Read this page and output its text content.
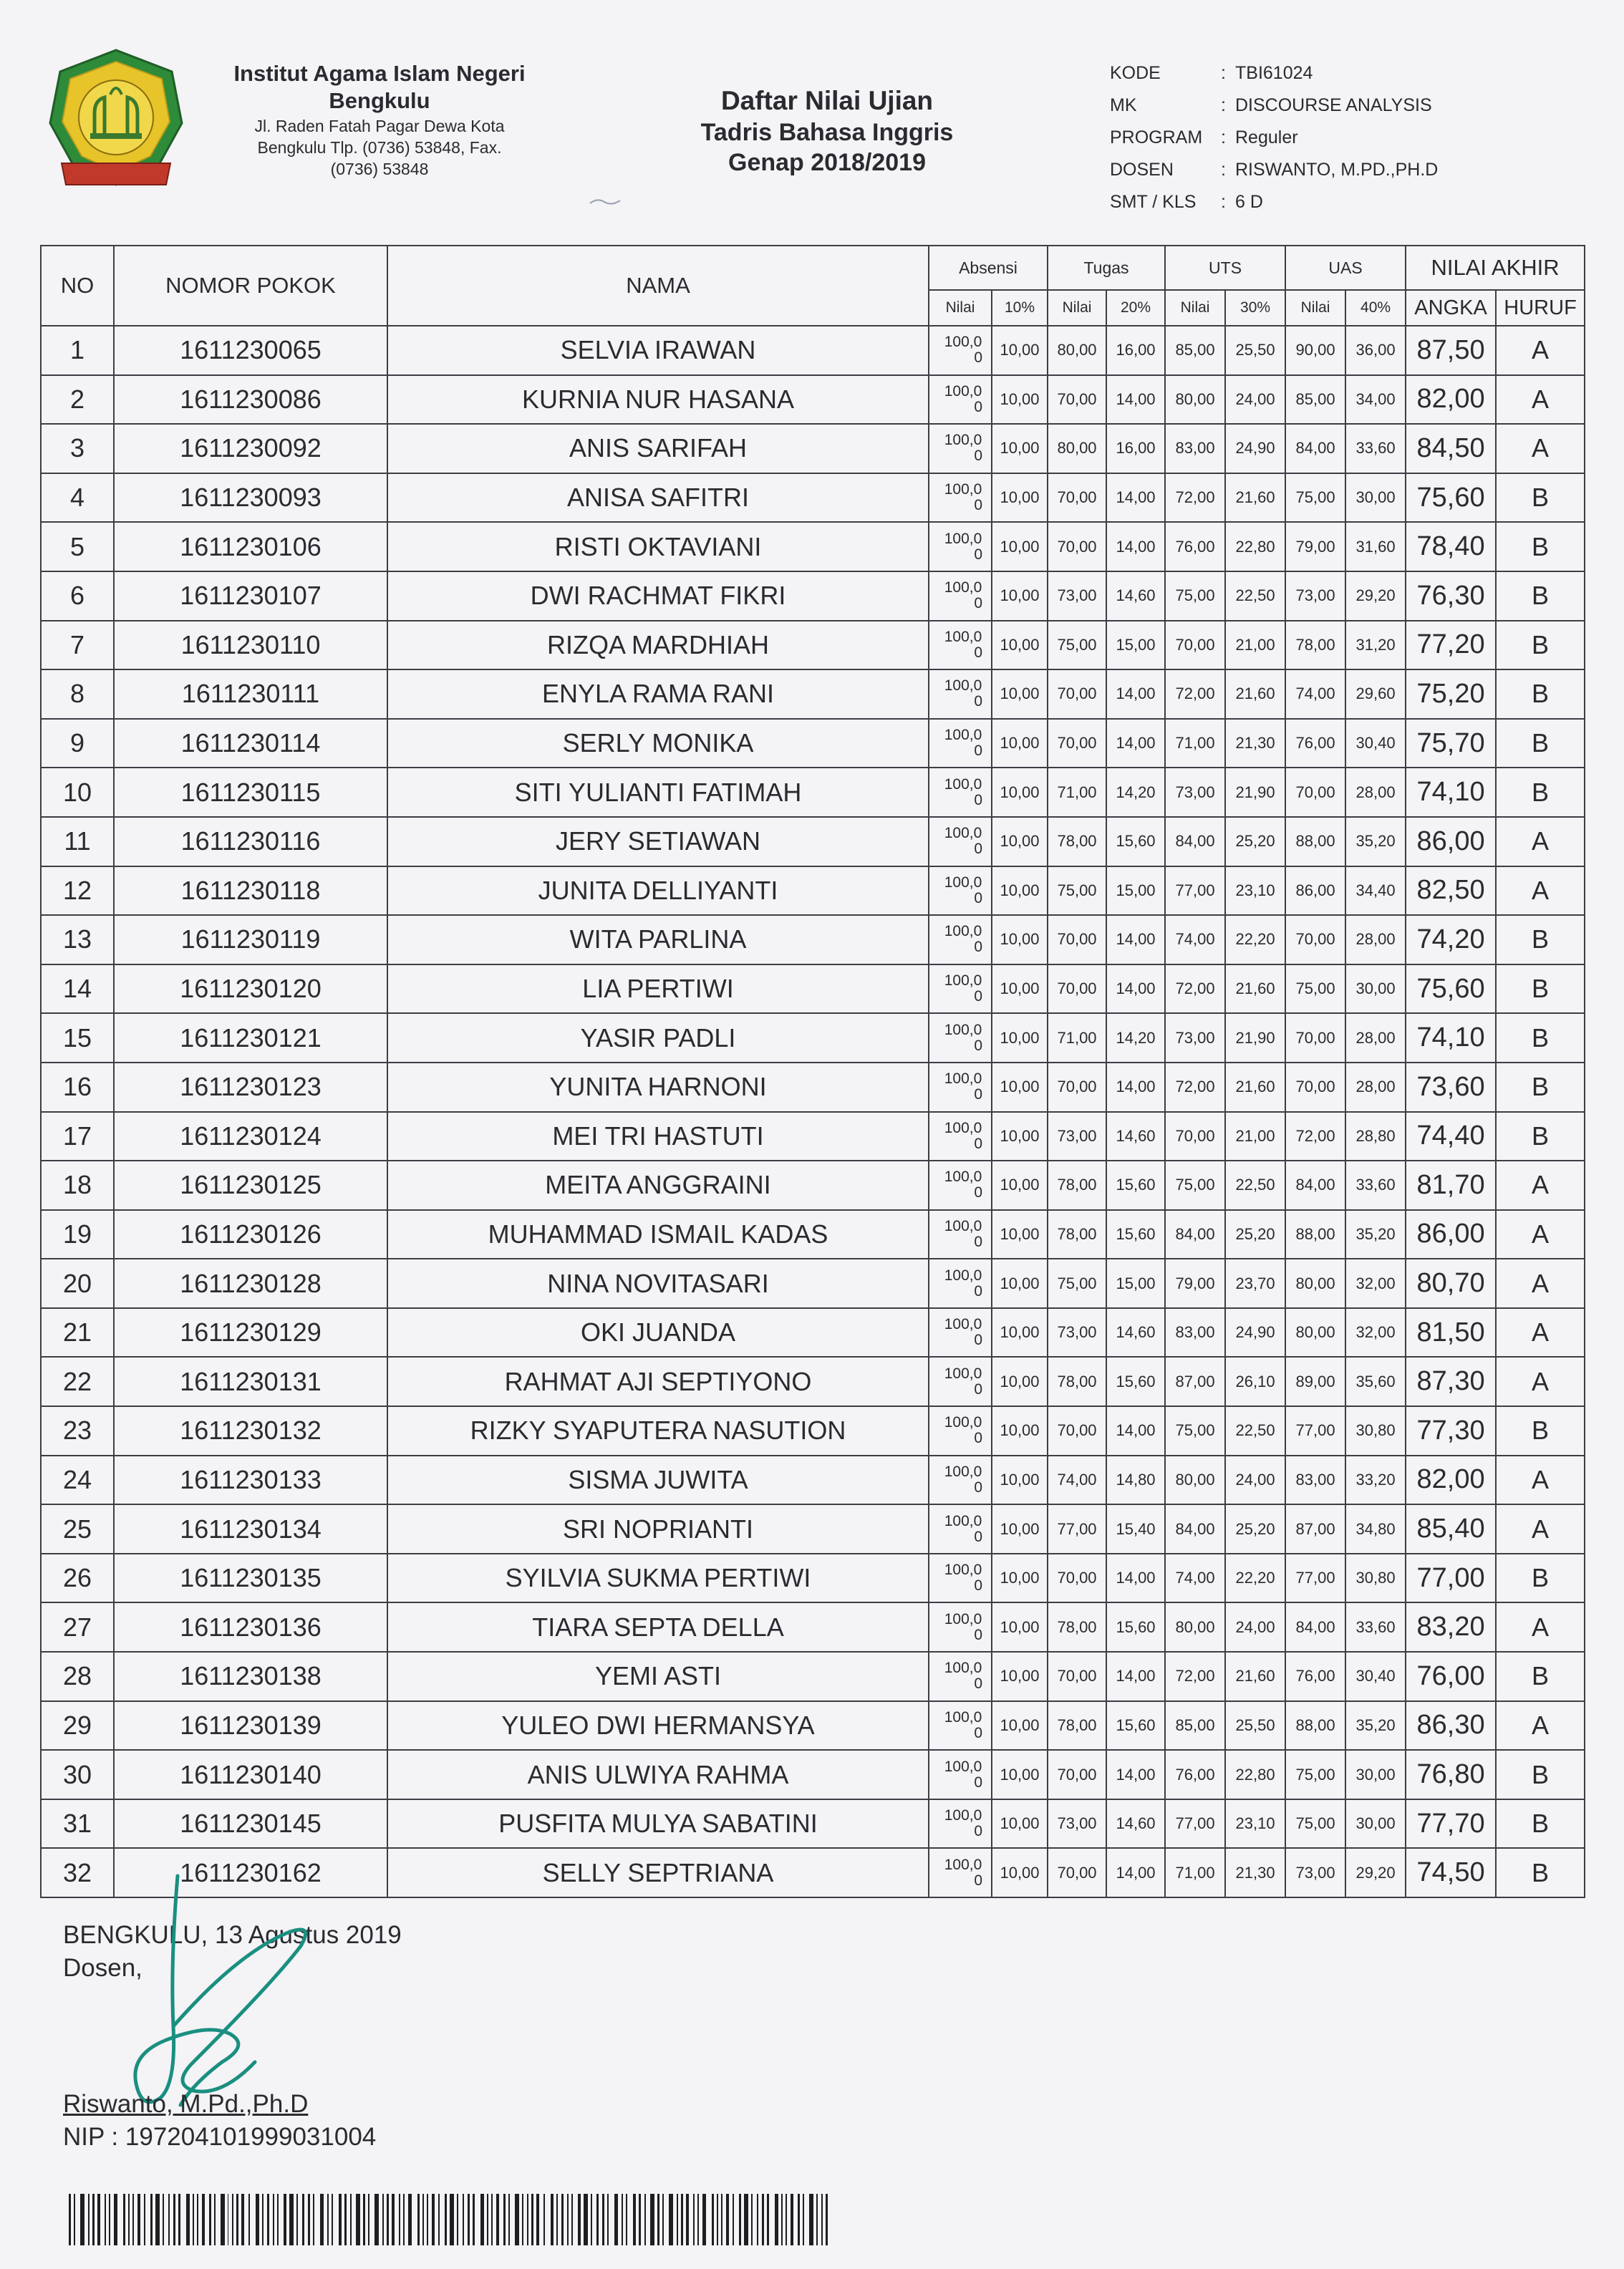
Institut Agama Islam Negeri
Bengkulu
Jl. Raden Fatah Pagar Dewa Kota
Bengkulu Tlp. (0736) 53848, Fax.
(0736) 53848
Daftar Nilai Ujian
Tadris Bahasa Inggris
Genap 2018/2019
KODE	: TBI61024
MK	: DISCOURSE ANALYSIS
PROGRAM	: Reguler
DOSEN	: RISWANTO, M.PD.,PH.D
SMT / KLS	: 6 D
NO	NOMOR POKOK	NAMA	Absensi		Tugas		UTS		UAS		NILAI AKHIR	
			Nilai	10%	Nilai	20%	Nilai	30%	Nilai	40%	ANGKA	HURUF
1	1611230065	SELVIA IRAWAN	100,0
0	10,00	80,00	16,00	85,00	25,50	90,00	36,00	87,50	A
2	1611230086	KURNIA NUR HASANA	100,0
0	10,00	70,00	14,00	80,00	24,00	85,00	34,00	82,00	A
3	1611230092	ANIS SARIFAH	100,0
0	10,00	80,00	16,00	83,00	24,90	84,00	33,60	84,50	A
4	1611230093	ANISA SAFITRI	100,0
0	10,00	70,00	14,00	72,00	21,60	75,00	30,00	75,60	B
5	1611230106	RISTI OKTAVIANI	100,0
0	10,00	70,00	14,00	76,00	22,80	79,00	31,60	78,40	B
6	1611230107	DWI RACHMAT FIKRI	100,0
0	10,00	73,00	14,60	75,00	22,50	73,00	29,20	76,30	B
7	1611230110	RIZQA MARDHIAH	100,0
0	10,00	75,00	15,00	70,00	21,00	78,00	31,20	77,20	B
8	1611230111	ENYLA RAMA RANI	100,0
0	10,00	70,00	14,00	72,00	21,60	74,00	29,60	75,20	B
9	1611230114	SERLY MONIKA	100,0
0	10,00	70,00	14,00	71,00	21,30	76,00	30,40	75,70	B
10	1611230115	SITI YULIANTI FATIMAH	100,0
0	10,00	71,00	14,20	73,00	21,90	70,00	28,00	74,10	B
11	1611230116	JERY SETIAWAN	100,0
0	10,00	78,00	15,60	84,00	25,20	88,00	35,20	86,00	A
12	1611230118	JUNITA DELLIYANTI	100,0
0	10,00	75,00	15,00	77,00	23,10	86,00	34,40	82,50	A
13	1611230119	WITA PARLINA	100,0
0	10,00	70,00	14,00	74,00	22,20	70,00	28,00	74,20	B
14	1611230120	LIA PERTIWI	100,0
0	10,00	70,00	14,00	72,00	21,60	75,00	30,00	75,60	B
15	1611230121	YASIR PADLI	100,0
0	10,00	71,00	14,20	73,00	21,90	70,00	28,00	74,10	B
16	1611230123	YUNITA HARNONI	100,0
0	10,00	70,00	14,00	72,00	21,60	70,00	28,00	73,60	B
17	1611230124	MEI TRI HASTUTI	100,0
0	10,00	73,00	14,60	70,00	21,00	72,00	28,80	74,40	B
18	1611230125	MEITA ANGGRAINI	100,0
0	10,00	78,00	15,60	75,00	22,50	84,00	33,60	81,70	A
19	1611230126	MUHAMMAD ISMAIL KADAS	100,0
0	10,00	78,00	15,60	84,00	25,20	88,00	35,20	86,00	A
20	1611230128	NINA NOVITASARI	100,0
0	10,00	75,00	15,00	79,00	23,70	80,00	32,00	80,70	A
21	1611230129	OKI JUANDA	100,0
0	10,00	73,00	14,60	83,00	24,90	80,00	32,00	81,50	A
22	1611230131	RAHMAT AJI SEPTIYONO	100,0
0	10,00	78,00	15,60	87,00	26,10	89,00	35,60	87,30	A
23	1611230132	RIZKY SYAPUTERA NASUTION	100,0
0	10,00	70,00	14,00	75,00	22,50	77,00	30,80	77,30	B
24	1611230133	SISMA JUWITA	100,0
0	10,00	74,00	14,80	80,00	24,00	83,00	33,20	82,00	A
25	1611230134	SRI NOPRIANTI	100,0
0	10,00	77,00	15,40	84,00	25,20	87,00	34,80	85,40	A
26	1611230135	SYILVIA SUKMA PERTIWI	100,0
0	10,00	70,00	14,00	74,00	22,20	77,00	30,80	77,00	B
27	1611230136	TIARA SEPTA DELLA	100,0
0	10,00	78,00	15,60	80,00	24,00	84,00	33,60	83,20	A
28	1611230138	YEMI ASTI	100,0
0	10,00	70,00	14,00	72,00	21,60	76,00	30,40	76,00	B
29	1611230139	YULEO DWI HERMANSYA	100,0
0	10,00	78,00	15,60	85,00	25,50	88,00	35,20	86,30	A
30	1611230140	ANIS ULWIYA RAHMA	100,0
0	10,00	70,00	14,00	76,00	22,80	75,00	30,00	76,80	B
31	1611230145	PUSFITA MULYA SABATINI	100,0
0	10,00	73,00	14,60	77,00	23,10	75,00	30,00	77,70	B
32	1611230162	SELLY SEPTRIANA	100,0
0	10,00	70,00	14,00	71,00	21,30	73,00	29,20	74,50	B
BENGKULU, 13 Agustus 2019
Dosen,
Riswanto, M.Pd.,Ph.D
NIP : 197204101999031004
